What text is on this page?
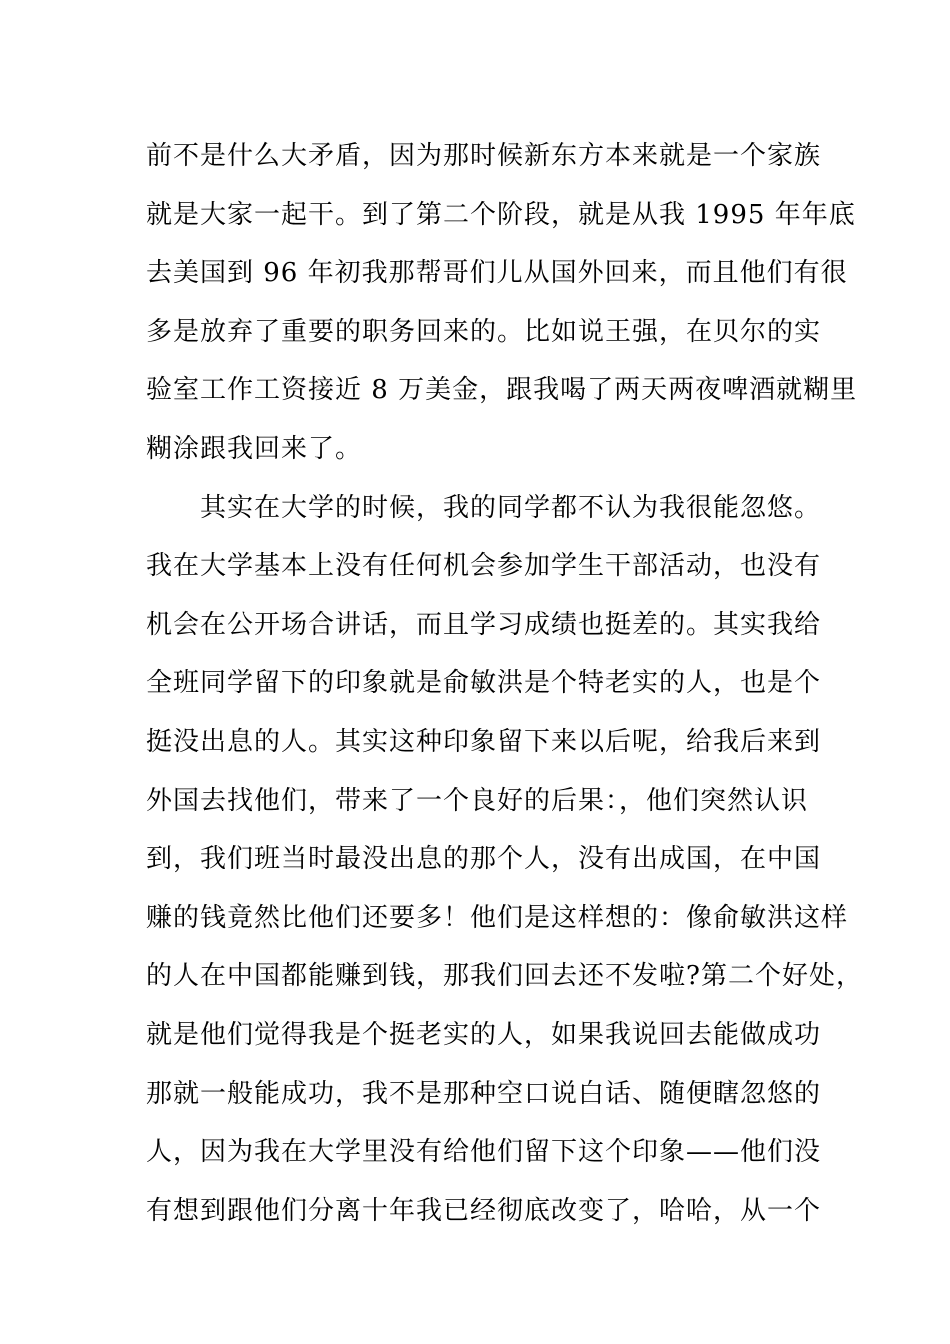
前不是什么大矛盾，因为那时候新东方本来就是一个家族
就是大家一起干。到了第二个阶段，就是从我 1995 年年底
去美国到 96 年初我那帮哥们儿从国外回来，而且他们有很
多是放弃了重要的职务回来的。比如说王强，在贝尔的实
验室工作工资接近 8 万美金，跟我喝了两天两夜啤酒就糊里
糊涂跟我回来了。
其实在大学的时候，我的同学都不认为我很能忽悠。
我在大学基本上没有任何机会参加学生干部活动，也没有
机会在公开场合讲话，而且学习成绩也挺差的。其实我给
全班同学留下的印象就是俞敏洪是个特老实的人，也是个
挺没出息的人。其实这种印象留下来以后呢，给我后来到
外国去找他们，带来了一个良好的后果：，他们突然认识
到，我们班当时最没出息的那个人，没有出成国，在中国
赚的钱竟然比他们还要多！他们是这样想的：像俞敏洪这样
的人在中国都能赚到钱，那我们回去还不发啦?第二个好处，
就是他们觉得我是个挺老实的人，如果我说回去能做成功
那就一般能成功，我不是那种空口说白话、随便瞎忽悠的
人，因为我在大学里没有给他们留下这个印象——他们没
有想到跟他们分离十年我已经彻底改变了，哈哈，从一个
